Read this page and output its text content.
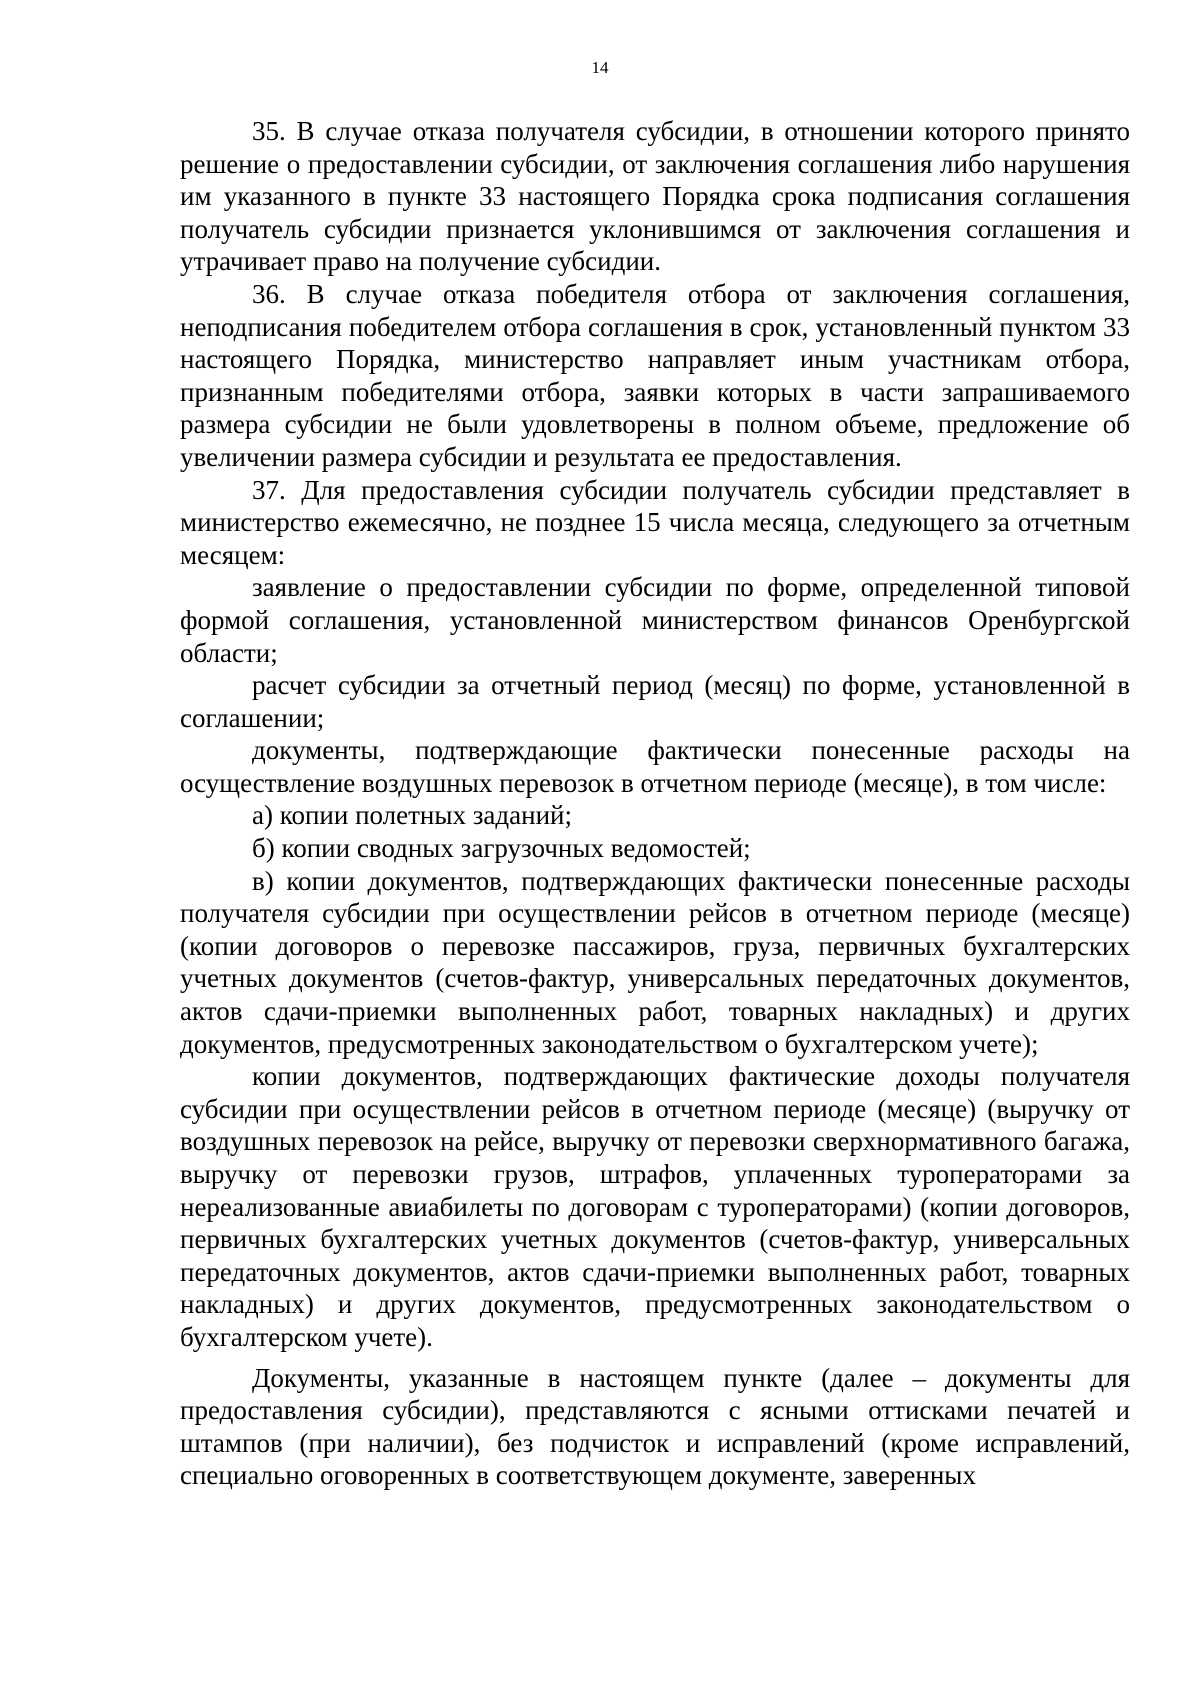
14

35. В случае отказа получателя субсидии, в отношении которого принято решение о предоставлении субсидии, от заключения соглашения либо нарушения им указанного в пункте 33 настоящего Порядка срока подписания соглашения получатель субсидии признается уклонившимся от заключения соглашения и утрачивает право на получение субсидии.

36. В случае отказа победителя отбора от заключения соглашения, неподписания победителем отбора соглашения в срок, установленный пунктом 33 настоящего Порядка, министерство направляет иным участникам отбора, признанным победителями отбора, заявки которых в части запрашиваемого размера субсидии не были удовлетворены в полном объеме, предложение об увеличении размера субсидии и результата ее предоставления.

37. Для предоставления субсидии получатель субсидии представляет в министерство ежемесячно, не позднее 15 числа месяца, следующего за отчетным месяцем:

заявление о предоставлении субсидии по форме, определенной типовой формой соглашения, установленной министерством финансов Оренбургской области;

расчет субсидии за отчетный период (месяц) по форме, установленной в соглашении;

документы, подтверждающие фактически понесенные расходы на осуществление воздушных перевозок в отчетном периоде (месяце), в том числе:

а) копии полетных заданий;

б) копии сводных загрузочных ведомостей;

в) копии документов, подтверждающих фактически понесенные расходы получателя субсидии при осуществлении рейсов в отчетном периоде (месяце) (копии договоров о перевозке пассажиров, груза, первичных бухгалтерских учетных документов (счетов-фактур, универсальных передаточных документов, актов сдачи-приемки выполненных работ, товарных накладных) и других документов, предусмотренных законодательством о бухгалтерском учете);

копии документов, подтверждающих фактические доходы получателя субсидии при осуществлении рейсов в отчетном периоде (месяце) (выручку от воздушных перевозок на рейсе, выручку от перевозки сверхнормативного багажа, выручку от перевозки грузов, штрафов, уплаченных туроператорами за нереализованные авиабилеты по договорам с туроператорами) (копии договоров, первичных бухгалтерских учетных документов (счетов-фактур, универсальных передаточных документов, актов сдачи-приемки выполненных работ, товарных накладных) и других документов, предусмотренных законодательством о бухгалтерском учете).

Документы, указанные в настоящем пункте (далее – документы для предоставления субсидии), представляются с ясными оттисками печатей и штампов (при наличии), без подчисток и исправлений (кроме исправлений, специально оговоренных в соответствующем документе, заверенных
